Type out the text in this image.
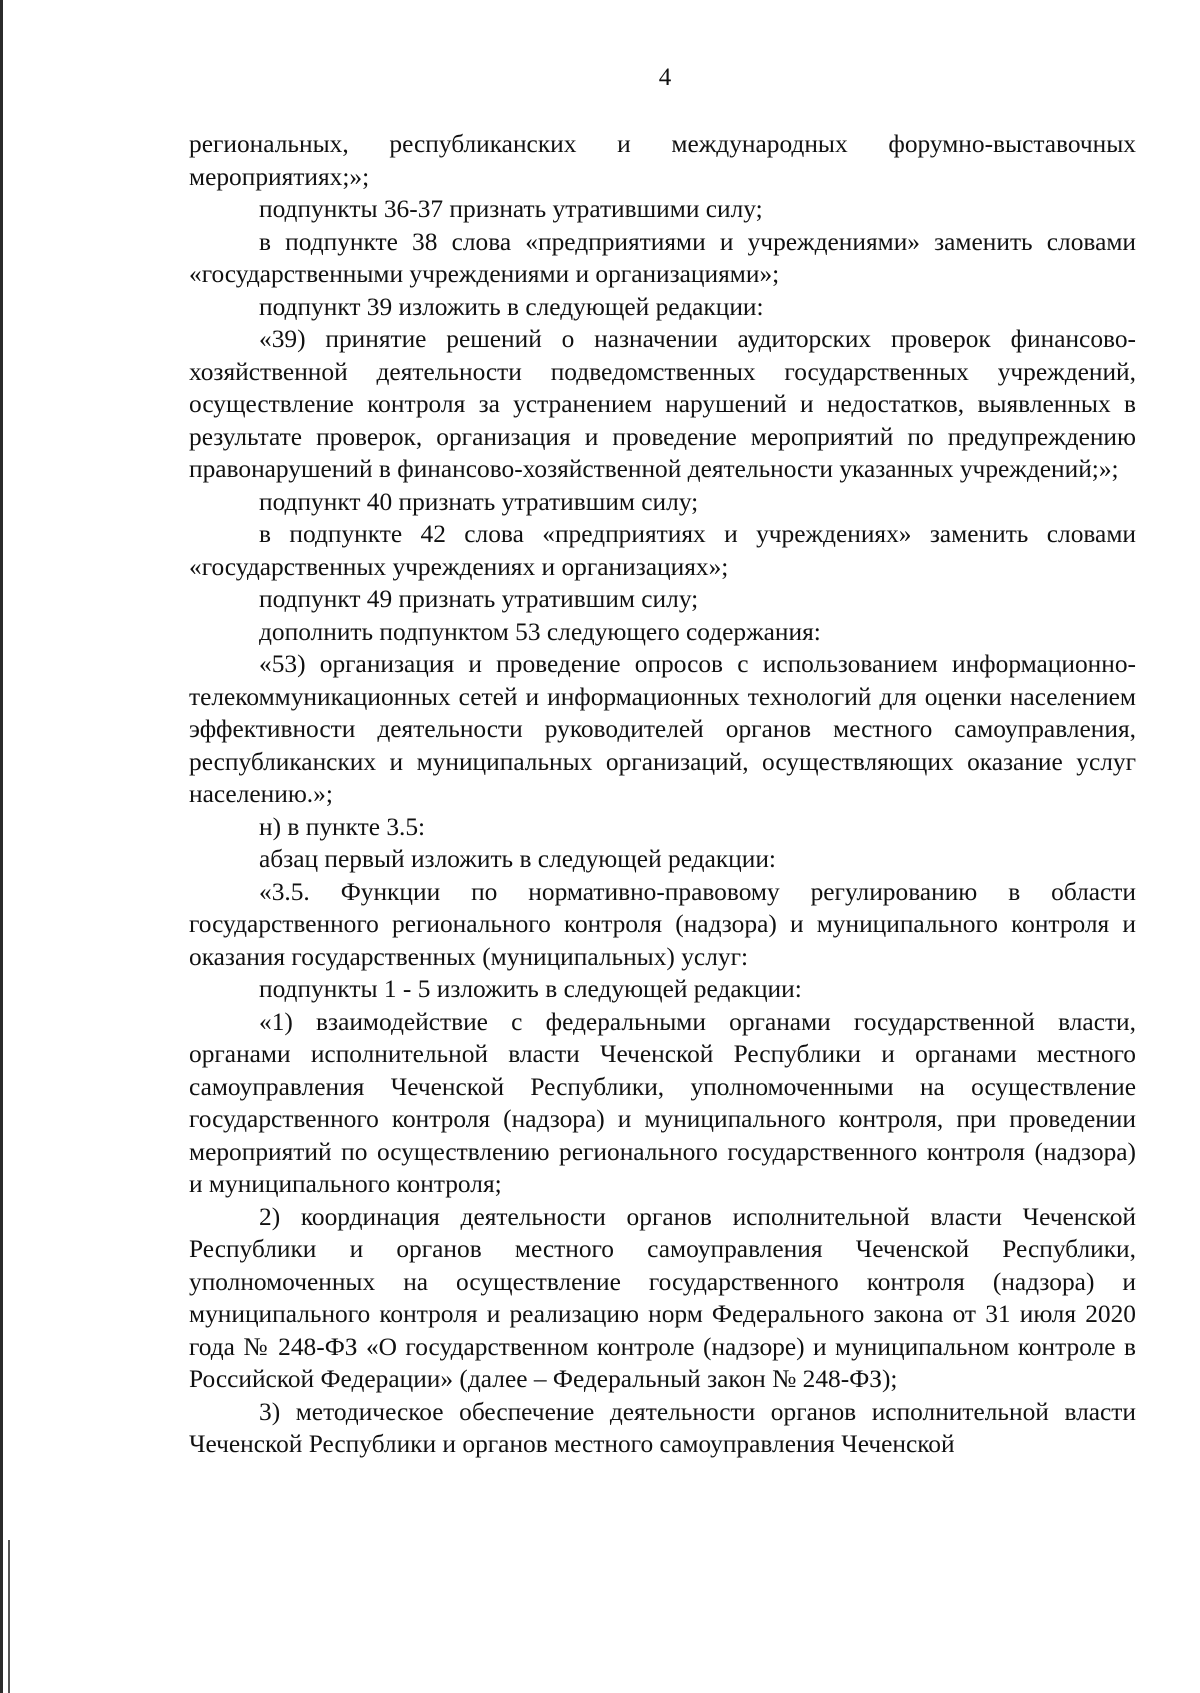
4

региональных, республиканских и международных форумно-выставочных мероприятиях;»;

подпункты 36-37 признать утратившими силу;

в подпункте 38 слова «предприятиями и учреждениями» заменить словами «государственными учреждениями и организациями»;

подпункт 39 изложить в следующей редакции:

«39) принятие решений о назначении аудиторских проверок финансово-хозяйственной деятельности подведомственных государственных учреждений, осуществление контроля за устранением нарушений и недостатков, выявленных в результате проверок, организация и проведение мероприятий по предупреждению правонарушений в финансово-хозяйственной деятельности указанных учреждений;»;

подпункт 40 признать утратившим силу;

в подпункте 42 слова «предприятиях и учреждениях» заменить словами «государственных учреждениях и организациях»;

подпункт 49 признать утратившим силу;

дополнить подпунктом 53 следующего содержания:

«53) организация и проведение опросов с использованием информационно-телекоммуникационных сетей и информационных технологий для оценки населением эффективности деятельности руководителей органов местного самоуправления, республиканских и муниципальных организаций, осуществляющих оказание услуг населению.»;

н) в пункте 3.5:

абзац первый изложить в следующей редакции:

«3.5. Функции по нормативно-правовому регулированию в области государственного регионального контроля (надзора) и муниципального контроля и оказания государственных (муниципальных) услуг:

подпункты 1 - 5 изложить в следующей редакции:

«1) взаимодействие с федеральными органами государственной власти, органами исполнительной власти Чеченской Республики и органами местного самоуправления Чеченской Республики, уполномоченными на осуществление государственного контроля (надзора) и муниципального контроля, при проведении мероприятий по осуществлению регионального государственного контроля (надзора) и муниципального контроля;

2) координация деятельности органов исполнительной власти Чеченской Республики и органов местного самоуправления Чеченской Республики, уполномоченных на осуществление государственного контроля (надзора) и муниципального контроля и реализацию норм Федерального закона от 31 июля 2020 года № 248-ФЗ «О государственном контроле (надзоре) и муниципальном контроле в Российской Федерации» (далее – Федеральный закон № 248-ФЗ);

3) методическое обеспечение деятельности органов исполнительной власти Чеченской Республики и органов местного самоуправления Чеченской
